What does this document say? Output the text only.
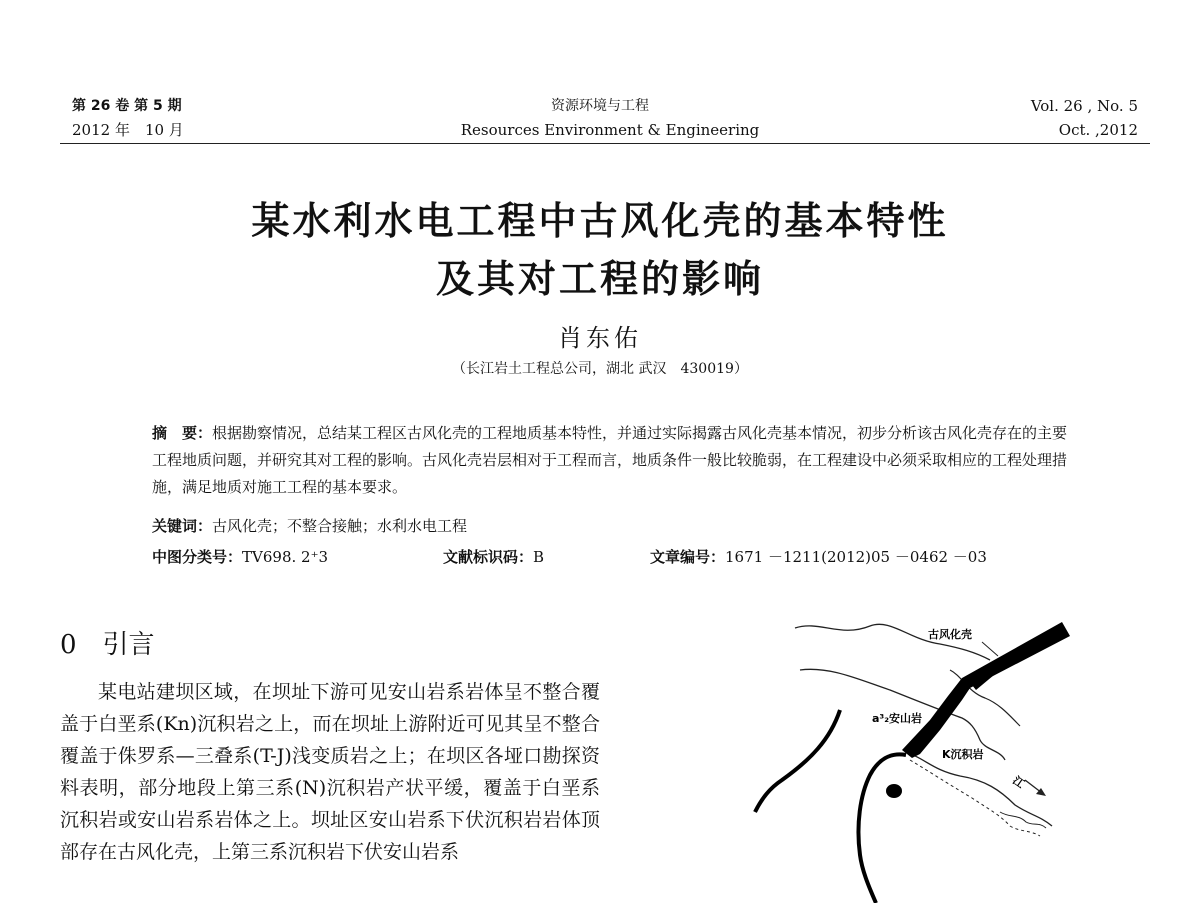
第 26 卷 第 5 期
2012 年　10 月
资源环境与工程
Resources Environment & Engineering
Vol. 26 , No. 5
Oct. ,2012
某水利水电工程中古风化壳的基本特性
及其对工程的影响
肖东佑
（长江岩土工程总公司，湖北 武汉　430019）
摘　要：根据勘察情况，总结某工程区古风化壳的工程地质基本特性，并通过实际揭露古风化壳基本情况，初步分析该古风化壳存在的主要工程地质问题，并研究其对工程的影响。古风化壳岩层相对于工程而言，地质条件一般比较脆弱，在工程建设中必须采取相应的工程处理措施，满足地质对施工工程的基本要求。
关键词：古风化壳；不整合接触；水利水电工程
中图分类号：TV698. 2⁺3	文献标识码：B	文章编号：1671 －1211(2012)05 －0462 －03
0 引言
某电站建坝区域，在坝址下游可见安山岩系岩体呈不整合覆盖于白垩系(Kn)沉积岩之上，而在坝址上游附近可见其呈不整合覆盖于侏罗系—三叠系(T-J)浅变质岩之上；在坝区各垭口勘探资料表明，部分地段上第三系(N)沉积岩产状平缓，覆盖于白垩系沉积岩或安山岩系岩体之上。坝址区安山岩系下伏沉积岩岩体顶部存在古风化壳，上第三系沉积岩下伏安山岩系
古风化壳
a³₂安山岩
K沉积岩
江
